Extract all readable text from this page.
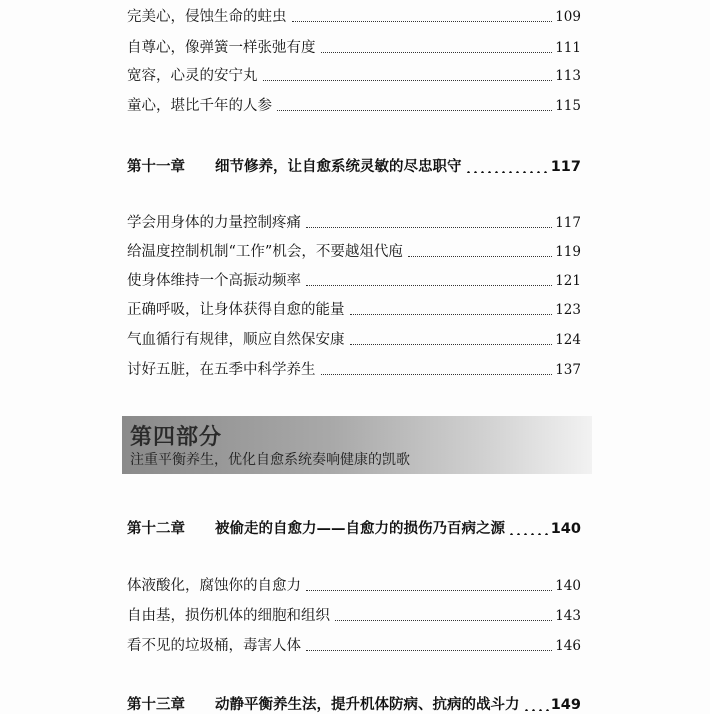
完美心，侵蚀生命的蛀虫	109
自尊心，像弹簧一样张弛有度	111
宽容，心灵的安宁丸	113
童心，堪比千年的人参	115
第十一章 细节修养，让自愈系统灵敏的尽忠职守	117
学会用身体的力量控制疼痛	117
给温度控制机制“工作”机会，不要越俎代庖	119
使身体维持一个高振动频率	121
正确呼吸，让身体获得自愈的能量	123
气血循行有规律，顺应自然保安康	124
讨好五脏，在五季中科学养生	137
第四部分
注重平衡养生，优化自愈系统奏响健康的凯歌
第十二章 被偷走的自愈力——自愈力的损伤乃百病之源	140
体液酸化，腐蚀你的自愈力	140
自由基，损伤机体的细胞和组织	143
看不见的垃圾桶，毒害人体	146
第十三章 动静平衡养生法，提升机体防病、抗病的战斗力 149
